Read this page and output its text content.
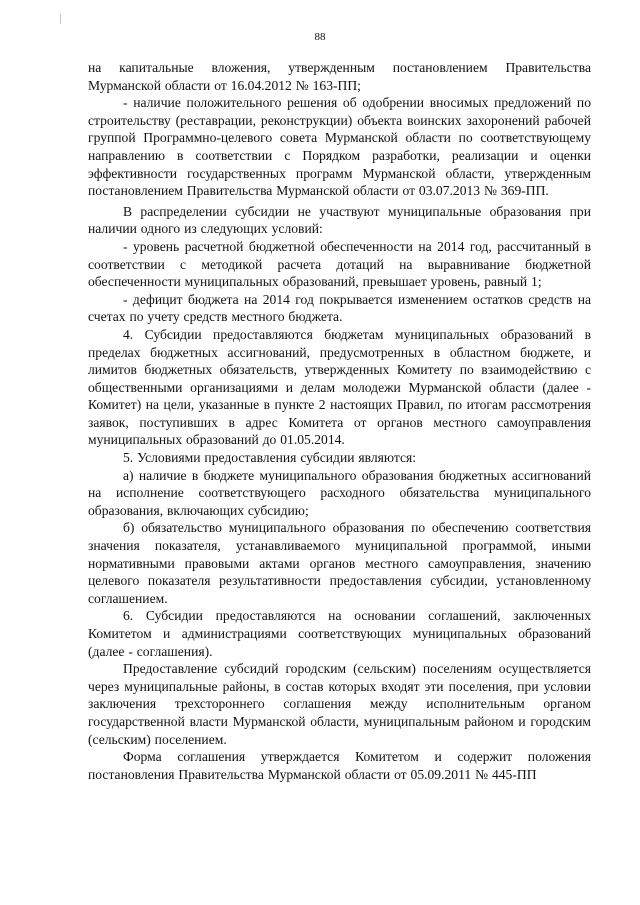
88

на капитальные вложения, утвержденным постановлением Правительства Мурманской области от 16.04.2012 № 163-ПП;

- наличие положительного решения об одобрении вносимых предложений по строительству (реставрации, реконструкции) объекта воинских захоронений рабочей группой Программно-целевого совета Мурманской области по соответствующему направлению в соответствии с Порядком разработки, реализации и оценки эффективности государственных программ Мурманской области, утвержденным постановлением Правительства Мурманской области от 03.07.2013 № 369-ПП.

В распределении субсидии не участвуют муниципальные образования при наличии одного из следующих условий:

- уровень расчетной бюджетной обеспеченности на 2014 год, рассчитанный в соответствии с методикой расчета дотаций на выравнивание бюджетной обеспеченности муниципальных образований, превышает уровень, равный 1;

- дефицит бюджета на 2014 год покрывается изменением остатков средств на счетах по учету средств местного бюджета.

4. Субсидии предоставляются бюджетам муниципальных образований в пределах бюджетных ассигнований, предусмотренных в областном бюджете, и лимитов бюджетных обязательств, утвержденных Комитету по взаимодействию с общественными организациями и делам молодежи Мурманской области (далее - Комитет) на цели, указанные в пункте 2 настоящих Правил, по итогам рассмотрения заявок, поступивших в адрес Комитета от органов местного самоуправления муниципальных образований до 01.05.2014.

5. Условиями предоставления субсидии являются:

а) наличие в бюджете муниципального образования бюджетных ассигнований на исполнение соответствующего расходного обязательства муниципального образования, включающих субсидию;

б) обязательство муниципального образования по обеспечению соответствия значения показателя, устанавливаемого муниципальной программой, иными нормативными правовыми актами органов местного самоуправления, значению целевого показателя результативности предоставления субсидии, установленному соглашением.

6. Субсидии предоставляются на основании соглашений, заключенных Комитетом и администрациями соответствующих муниципальных образований (далее - соглашения).

Предоставление субсидий городским (сельским) поселениям осуществляется через муниципальные районы, в состав которых входят эти поселения, при условии заключения трехстороннего соглашения между исполнительным органом государственной власти Мурманской области, муниципальным районом и городским (сельским) поселением.

Форма соглашения утверждается Комитетом и содержит положения постановления Правительства Мурманской области от 05.09.2011 № 445-ПП
